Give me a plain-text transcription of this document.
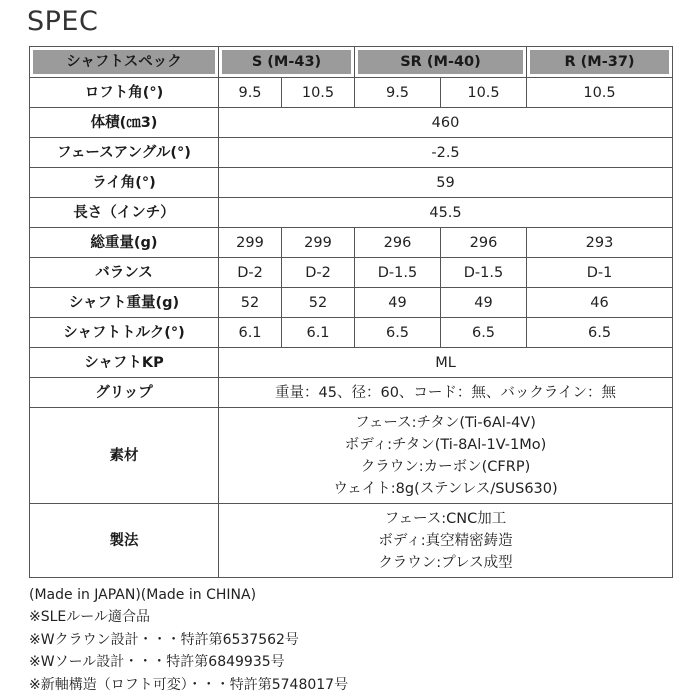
SPEC
シャフトスペック	S (M-43)		SR (M-40)		R (M-37)
ロフト角(°)	9.5	10.5	9.5	10.5	10.5
体積(㎝3)	460				
フェースアングル(°)	-2.5				
ライ角(°)	59				
長さ（インチ）	45.5				
総重量(g)	299	299	296	296	293
バランス	D-2	D-2	D-1.5	D-1.5	D-1
シャフト重量(g)	52	52	49	49	46
シャフトトルク(°)	6.1	6.1	6.5	6.5	6.5
シャフトKP	ML				
グリップ	重量：45、径：60、コード：無、バックライン：無				
素材	フェース:チタン(Ti-6Al-4V)
ボディ:チタン(Ti-8Al-1V-1Mo)
クラウン:カーボン(CFRP)
ウェイト:8g(ステンレス/SUS630)				

製法	フェース:CNC加工
ボディ:真空精密鋳造
クラウン:プレス成型				
(Made in JAPAN)(Made in CHINA)
※SLEルール適合品
※Wクラウン設計・・・特許第6537562号
※Wソール設計・・・特許第6849935号
※新軸構造（ロフト可変）・・・特許第5748017号
